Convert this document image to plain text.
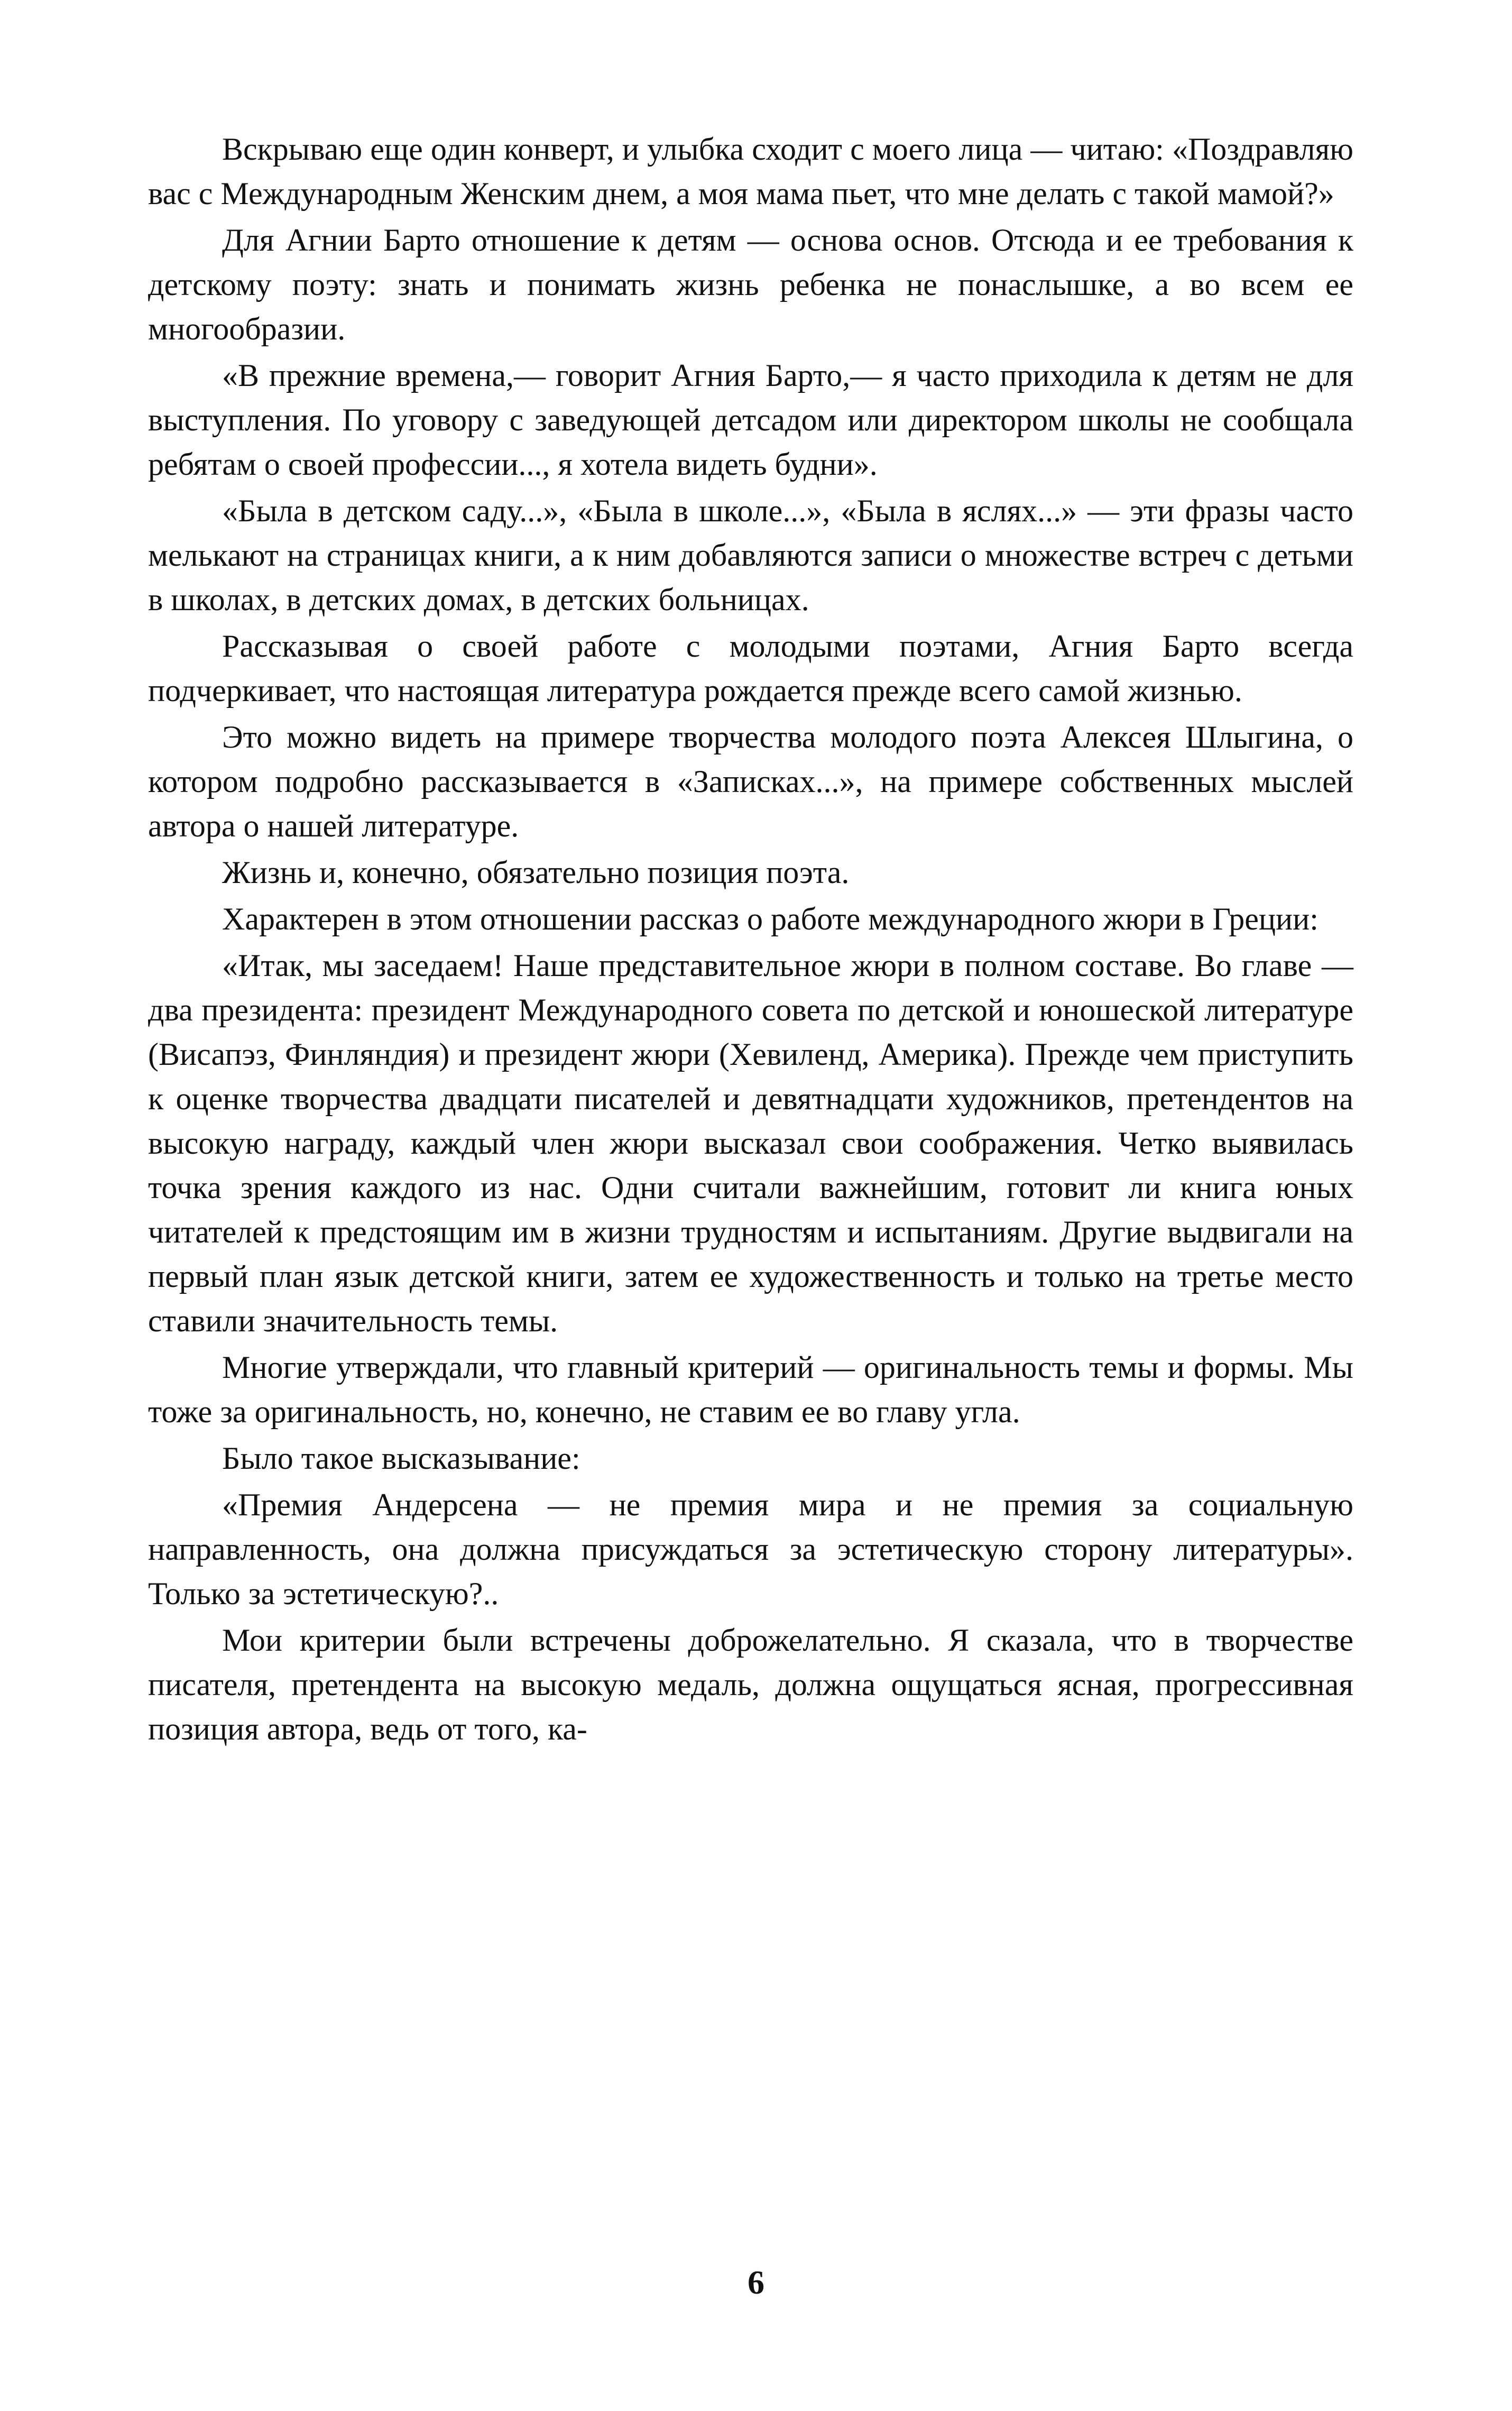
Вскрываю еще один конверт, и улыбка сходит с моего лица — читаю: «Поздравляю вас с Международным Женским днем, а моя мама пьет, что мне делать с такой мамой?»

Для Агнии Барто отношение к детям — основа основ. Отсюда и ее требования к детскому поэту: знать и понимать жизнь ребенка не понаслышке, а во всем ее многообразии.

«В прежние времена,— говорит Агния Барто,— я часто приходила к детям не для выступления. По уговору с заведующей детсадом или директором школы не сообщала ребятам о своей профессии..., я хотела видеть будни».

«Была в детском саду...», «Была в школе...», «Была в яслях...» — эти фразы часто мелькают на страницах книги, а к ним добавляются записи о множестве встреч с детьми в школах, в детских домах, в детских больницах.

Рассказывая о своей работе с молодыми поэтами, Агния Барто всегда подчеркивает, что настоящая литература рождается прежде всего самой жизнью.

Это можно видеть на примере творчества молодого поэта Алексея Шлыгина, о котором подробно рассказывается в «Записках...», на примере собственных мыслей автора о нашей литературе.

Жизнь и, конечно, обязательно позиция поэта.

Характерен в этом отношении рассказ о работе международного жюри в Греции:

«Итак, мы заседаем! Наше представительное жюри в полном составе. Во главе — два президента: президент Международного совета по детской и юношеской литературе (Висапэз, Финляндия) и президент жюри (Хевиленд, Америка). Прежде чем приступить к оценке творчества двадцати писателей и девятнадцати художников, претендентов на высокую награду, каждый член жюри высказал свои соображения. Четко выявилась точка зрения каждого из нас. Одни считали важнейшим, готовит ли книга юных читателей к предстоящим им в жизни трудностям и испытаниям. Другие выдвигали на первый план язык детской книги, затем ее художественность и только на третье место ставили значительность темы.

Многие утверждали, что главный критерий — оригинальность темы и формы. Мы тоже за оригинальность, но, конечно, не ставим ее во главу угла.

Было такое высказывание:

«Премия Андерсена — не премия мира и не премия за социальную направленность, она должна присуждаться за эстетическую сторону литературы». Только за эстетическую?..

Мои критерии были встречены доброжелательно. Я сказала, что в творчестве писателя, претендента на высокую медаль, должна ощущаться ясная, прогрессивная позиция автора, ведь от того, ка-

6
